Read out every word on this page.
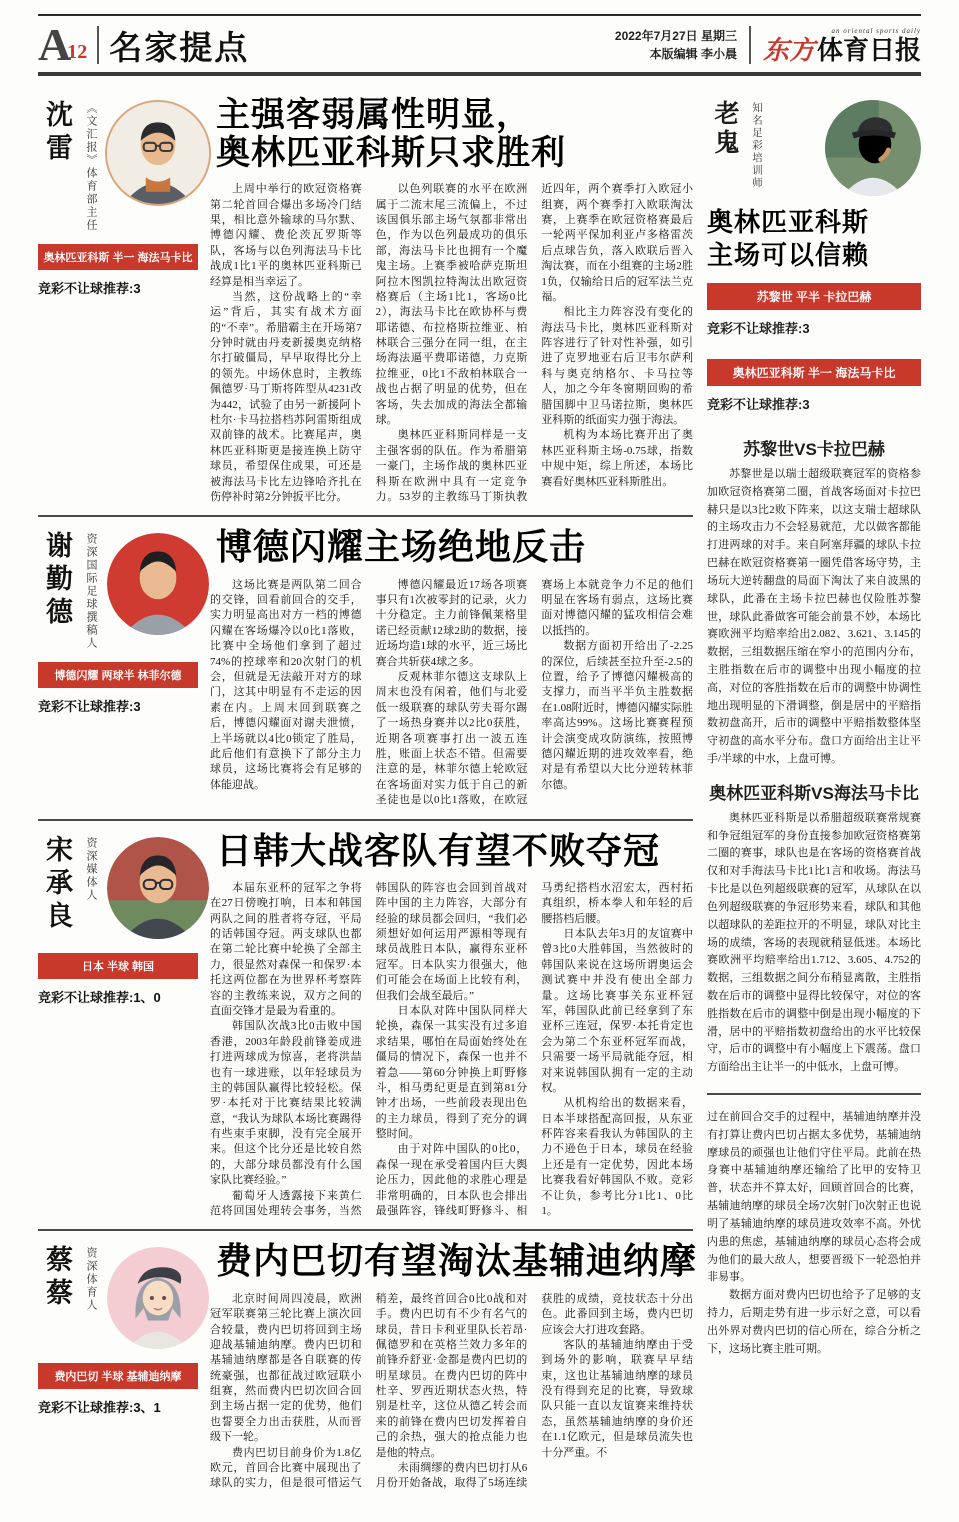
A
12 名家提点	2022年7月27日 星期三
本版编辑 李小晨
an oriental sports daily
东方体育日报
沈雷	《文汇报》体育部主任
奥林匹亚科斯 半一 海法马卡比
竞彩不让球推荐:3
主强客弱属性明显，
奥林匹亚科斯只求胜利

上周中举行的欧冠资格赛第二轮首回合爆出多场冷门结果，相比意外输球的马尔默、博德闪耀、费伦茨瓦罗斯等队，客场与以色列海法马卡比战成1比1平的奥林匹亚科斯已经算是相当幸运了。

当然，这份战略上的“幸运”背后，其实有战术方面的“不幸”。希腊霸主在开场第7分钟时就由丹麦新援奥克纳格尔打破僵局，早早取得比分上的领先。中场休息时，主教练佩德罗·马丁斯将阵型从4231改为442，试验了由另一新援阿卜杜尔·卡马拉搭档苏阿雷斯组成双前锋的战术。比赛尾声，奥林匹亚科斯更是接连换上防守球员，希望保住成果，可还是被海法马卡比左边锋哈齐扎在伤停补时第2分钟扳平比分。

以色列联赛的水平在欧洲属于二流末尾三流偏上，不过该国俱乐部主场气氛都非常出色，作为以色列最成功的俱乐部，海法马卡比也拥有一个魔鬼主场。上赛季被哈萨克斯坦阿拉木图凯拉特淘汰出欧冠资格赛后（主场1比1，客场0比2），海法马卡比在欧协杯与费耶诺德、布拉格斯拉维亚、柏林联合三强分在同一组，在主场海法逼平费耶诺德，力克斯拉维亚，0比1不敌柏林联合一战也占据了明显的优势，但在客场，失去加成的海法全都输球。

奥林匹亚科斯同样是一支主强客弱的队伍。作为希腊第一豪门，主场作战的奥林匹亚科斯在欧洲中具有一定竞争力。53岁的主教练马丁斯执教近四年，两个赛季打入欧冠小组赛，两个赛季打入欧联淘汰赛，上赛季在欧冠资格赛最后一轮两平保加利亚卢多格雷茨后点球告负，落入欧联后晋入淘汰赛，而在小组赛的主场2胜1负，仅输给日后的冠军法兰克福。

相比主力阵容没有变化的海法马卡比，奥林匹亚科斯对阵容进行了针对性补强，如引进了克罗地亚右后卫韦尔萨利科与奥克纳格尔、卡马拉等人，加之今年冬窗期回购的希腊国脚中卫马诺拉斯，奥林匹亚科斯的纸面实力强于海法。

机构为本场比赛开出了奥林匹亚科斯主场-0.75球，指数中规中矩，综上所述，本场比赛看好奥林匹亚科斯胜出。

谢勤德	资深国际足球撰稿人
博德闪耀 两球半 林菲尔德
竞彩不让球推荐:3
博德闪耀主场绝地反击

这场比赛是两队第二回合的交锋，回看前回合的交手，实力明显高出对方一档的博德闪耀在客场爆冷以0比1落败，比赛中全场他们拿到了超过74%的控球率和20次射门的机会，但就是无法敲开对方的球门，这其中明显有不走运的因素在内。上周末回到联赛之后，博德闪耀面对谢夫泄愤，上半场就以4比0锁定了胜局，此后他们有意换下了部分主力球员，这场比赛将会有足够的体能迎战。

博德闪耀最近17场各项赛事只有1次被零封的记录，火力十分稳定。主力前锋佩莱格里诺已经贡献12球2助的数据，接近场均造1球的水平，近三场比赛合共斩获4球之多。

反观林菲尔德这支球队上周末也没有闲着，他们与北爱低一级联赛的球队劳夫哥尔踢了一场热身赛并以2比0获胜，近期各项赛事打出一波五连胜，账面上状态不错。但需要注意的是，林菲尔德上轮欧冠在客场面对实力低于自己的新圣徒也是以0比1落败，在欧冠赛场上本就竞争力不足的他们明显在客场有弱点，这场比赛面对博德闪耀的猛攻相信会难以抵挡的。

数据方面初开给出了-2.25的深位，后续甚至拉升至-2.5的位置，给予了博德闪耀极高的支撑力，而当平半负主胜数据在1.08附近时，博德闪耀实际胜率高达99%。这场比赛赛程预计会演变成攻防演练，按照博德闪耀近期的进攻效率看，绝对是有希望以大比分逆转林菲尔德。

宋承良	资深媒体人
日本 半球 韩国
竞彩不让球推荐:1、0
日韩大战客队有望不败夺冠

本届东亚杯的冠军之争将在27日傍晚打响，日本和韩国两队之间的胜者将夺冠，平局的话韩国夺冠。两支球队也都在第二轮比赛中轮换了全部主力，很显然对森保一和保罗·本托这两位都在为世界杯考察阵容的主教练来说，双方之间的直面交锋才是最为看重的。

韩国队次战3比0击败中国香港，2003年龄段前锋姜成进打进两球成为惊喜，老将洪喆也有一球进账，以年轻球员为主的韩国队赢得比较轻松。保罗·本托对于比赛结果比较满意，“我认为球队本场比赛踢得有些束手束脚，没有完全展开来。但这个比分还是比较自然的，大部分球员都没有什么国家队比赛经验。”

葡萄牙人透露接下来黄仁范将回国处理转会事务，当然韩国队的阵容也会回到首战对阵中国的主力阵容，大部分有经验的球员都会回归，“我们必须想好如何运用严源相等现有球员战胜日本队，赢得东亚杯冠军。日本队实力很强大，他们可能会在场面上比较有利，但我们会战至最后。”

日本队对阵中国队同样大轮换，森保一其实没有过多追求结果，哪怕在局面始终处在僵局的情况下，森保一也并不着急——第60分钟换上町野修斗，相马勇纪更是直到第81分钟才出场，一些前段表现出色的主力球员，得到了充分的调整时间。

由于对阵中国队的0比0，森保一现在承受着国内巨大舆论压力，因此他的求胜心理是非常明确的，日本队也会排出最强阵容，锋线町野修斗、相马勇纪搭档水沼宏太，西村拓真组织，桥本拳人和年轻的后腰搭档后腰。

日本队去年3月的友谊赛中曾3比0大胜韩国，当然彼时的韩国队来说在这场所谓奥运会测试赛中并没有使出全部力量。这场比赛事关东亚杯冠军，韩国队此前已经拿到了东亚杯三连冠，保罗·本托肯定也会为第二个东亚杯冠军而战，只需要一场平局就能夺冠，相对来说韩国队拥有一定的主动权。

从机构给出的数据来看，日本半球搭配高回报，从东亚杯阵容来看我认为韩国队的主力不逊色于日本，球员在经验上还是有一定优势，因此本场比赛我看好韩国队不败。竞彩不让负，参考比分1比1、0比1。

蔡蔡	资深体育人
费内巴切 半球 基辅迪纳摩
竞彩不让球推荐:3、1
费内巴切有望淘汰基辅迪纳摩

北京时间周四凌晨，欧洲冠军联赛第三轮比赛上演次回合较量，费内巴切将回到主场迎战基辅迪纳摩。费内巴切和基辅迪纳摩都是各自联赛的传统豪强，也都征战过欧冠联小组赛，然而费内巴切次回合回到主场占据一定的优势，他们也誓要全力出击获胜，从而晋级下一轮。

费内巴切目前身价为1.8亿欧元，首回合比赛中展现出了球队的实力，但是很可惜运气稍差，最终首回合0比0战和对手。费内巴切有不少有名气的球员，昔日卡利亚里队长若昂·佩德罗和在英格兰效力多年的前锋乔舒亚·金都是费内巴切的明星球员。在费内巴切的阵中杜辛、罗西近期状态火热，特别是杜辛，这位从德乙转会而来的前锋在费内巴切发挥着自己的余热，强大的抢点能力也是他的特点。

未雨绸缪的费内巴切打从6月份开始备战，取得了5场连续获胜的成绩，竞技状态十分出色。此番回到主场，费内巴切应该会大打进攻套路。

客队的基辅迪纳摩由于受到场外的影响，联赛早早结束，这也让基辅迪纳摩的球员没有得到充足的比赛，导致球队只能一直以友谊赛来维持状态，虽然基辅迪纳摩的身价还在1.1亿欧元，但是球员流失也十分严重。不

老鬼	知名足彩培训师
奥林匹亚科斯
主场可以信赖
苏黎世 平半 卡拉巴赫
竞彩不让球推荐:3
奥林匹亚科斯 半一 海法马卡比
竞彩不让球推荐:3
苏黎世VS卡拉巴赫

苏黎世是以瑞士超级联赛冠军的资格参加欧冠资格赛第二圈，首战客场面对卡拉巴赫只是以3比2败下阵来，以这支瑞士超球队的主场攻击力不会轻易就范，尤以做客都能打进两球的对手。来自阿塞拜疆的球队卡拉巴赫在欧冠资格赛第一圈凭借客场守势，主场玩大逆转翻盘的局面下淘汰了来自波黑的球队，此番在主场卡拉巴赫也仅险胜苏黎世，球队此番做客可能会前景不妙，本场比赛欧洲平均赔率给出2.082、3.621、3.145的数据，三组数据压缩在窄小的范围内分布，主胜指数在后市的调整中出现小幅度的拉高，对位的客胜指数在后市的调整中协调性地出现明显的下滑调整，倒是居中的平赔指数初盘高开，后市的调整中平赔指数整体坚守初盘的高水平分布。盘口方面给出主让平手/半球的中水，上盘可博。

奥林匹亚科斯VS海法马卡比

奥林匹亚科斯是以希腊超级联赛常规赛和争冠组冠军的身份直接参加欧冠资格赛第二圈的赛事，球队也是在客场的资格赛首战仅和对手海法马卡比1比1言和收场。海法马卡比是以色列超级联赛的冠军，从球队在以色列超级联赛的争冠形势来看，球队和其他以超球队的差距拉开的不明显，球队对比主场的成绩，客场的表现就稍显低迷。本场比赛欧洲平均赔率给出1.712、3.605、4.752的数据，三组数据之间分布稍显离散，主胜指数在后市的调整中显得比较保守，对位的客胜指数在后市的调整中倒是出现小幅度的下滑，居中的平赔指数初盘给出的水平比较保守，后市的调整中有小幅度上下震荡。盘口方面给出主让半一的中低水，上盘可博。

过在前回合交手的过程中，基辅迪纳摩并没有打算让费内巴切占据太多优势，基辅迪纳摩球员的顽强也让他们守住平局。此前在热身赛中基辅迪纳摩还输给了比甲的安特卫普，状态并不算太好，回顾首回合的比赛，基辅迪纳摩的球员全场7次射门0次射正也说明了基辅迪纳摩的球员进攻效率不高。外忧内患的焦虑，基辅迪纳摩的球员心态将会成为他们的最大敌人，想要晋级下一轮恐怕并非易事。

数据方面对费内巴切也给予了足够的支持力，后期走势有进一步示好之意，可以看出外界对费内巴切的信心所在，综合分析之下，这场比赛主胜可期。
